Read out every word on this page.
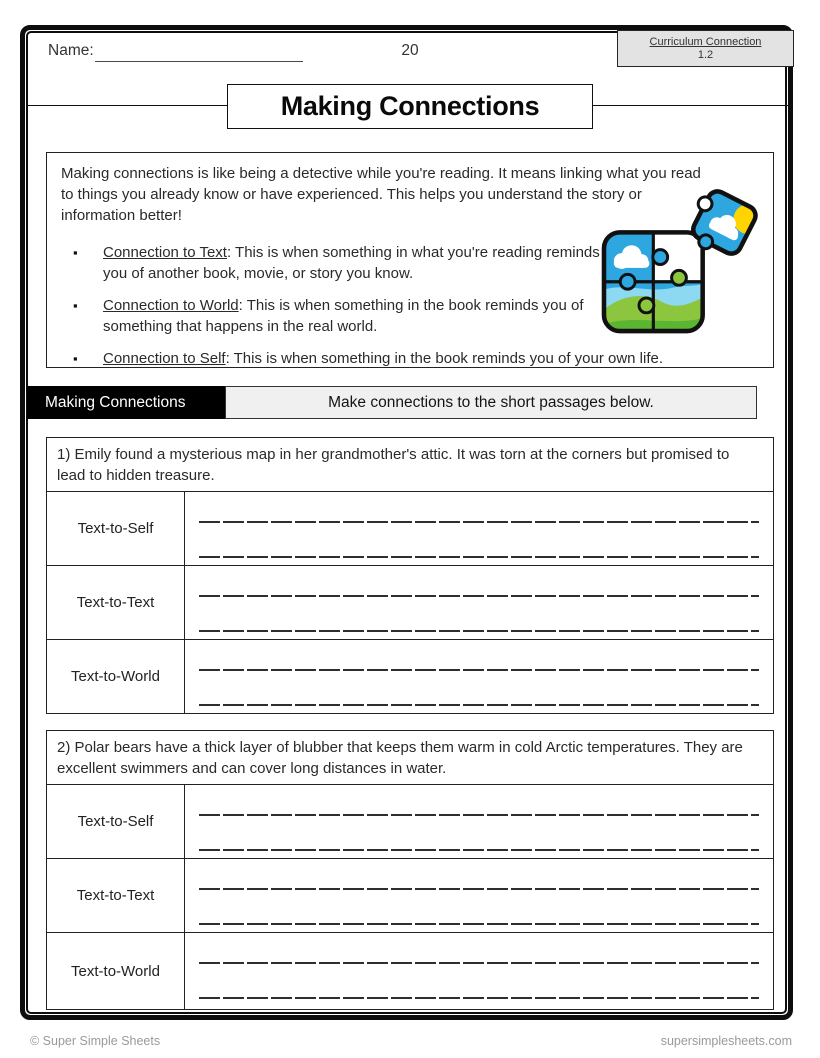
Name:	20	Curriculum Connection
1.2
Making Connections

Making connections is like being a detective while you're reading. It means linking what you read to things you already know or have experienced. This helps you understand the story or information better!

▪ Connection to Text: This is when something in what you're reading reminds you of another book, movie, or story you know.
▪ Connection to World: This is when something in the book reminds you of something that happens in the real world.
▪ Connection to Self: This is when something in the book reminds you of your own life.
Making Connections	Make connections to the short passages below.
1) Emily found a mysterious map in her grandmother's attic. It was torn at the corners but promised to lead to hidden treasure.
Text-to-Self
Text-to-Text
Text-to-World
2) Polar bears have a thick layer of blubber that keeps them warm in cold Arctic temperatures. They are excellent swimmers and can cover long distances in water.
Text-to-Self
Text-to-Text
Text-to-World
© Super Simple Sheets	supersimplesheets.com
